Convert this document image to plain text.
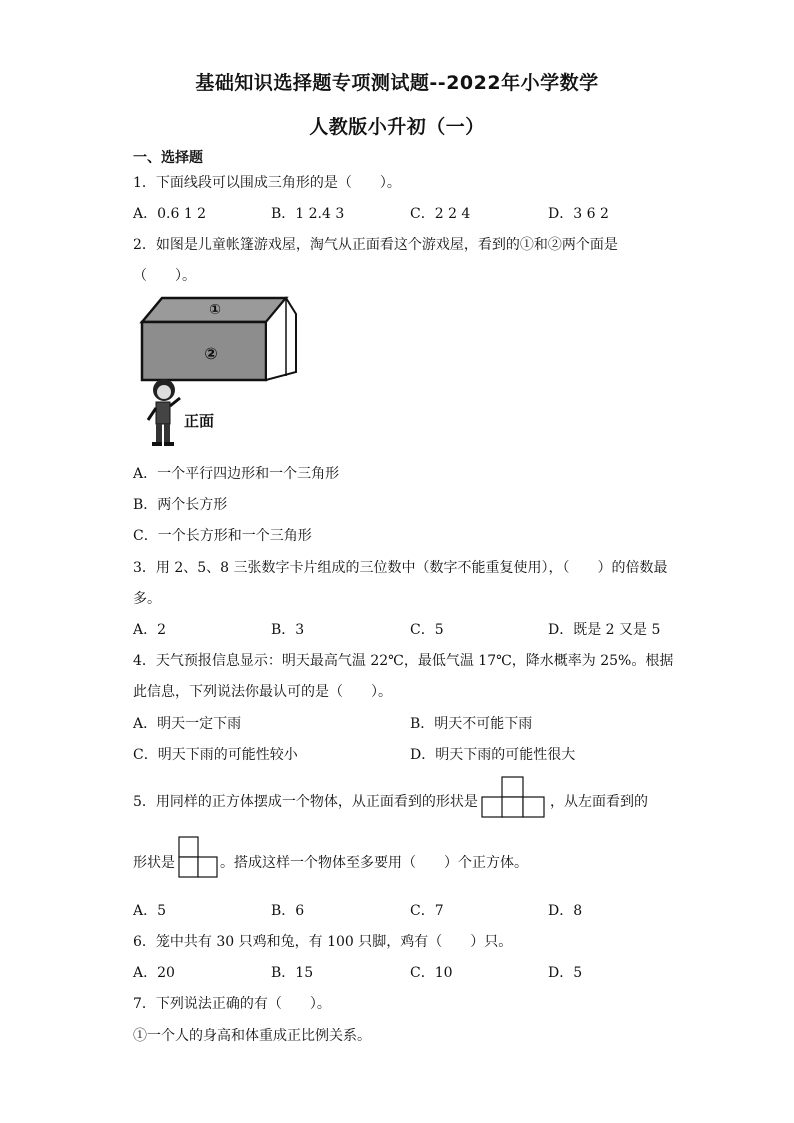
基础知识选择题专项测试题--2022年小学数学
人教版小升初（一）
一、选择题
1．下面线段可以围成三角形的是（　　）。
A．0.6 1 2	B．1 2.4 3	C．2 2 4	D．3 6 2
2．如图是儿童帐篷游戏屋，淘气从正面看这个游戏屋，看到的①和②两个面是
（　　）。
①
②
正面
A．一个平行四边形和一个三角形
B．两个长方形
C．一个长方形和一个三角形
3．用 2、5、8 三张数字卡片组成的三位数中（数字不能重复使用），（　　）的倍数最
多。
A．2	B．3	C．5	D．既是 2 又是 5
4．天气预报信息显示：明天最高气温 22℃，最低气温 17℃，降水概率为 25%。根据
此信息，下列说法你最认可的是（　　）。
A．明天一定下雨	B．明天不可能下雨
C．明天下雨的可能性较小	D．明天下雨的可能性很大
5．用同样的正方体摆成一个物体，从正面看到的形状是	，从左面看到的
形状是	。搭成这样一个物体至多要用（　　）个正方体。
A．5	B．6	C．7	D．8
6．笼中共有 30 只鸡和兔，有 100 只脚，鸡有（　　）只。
A．20	B．15	C．10	D．5
7．下列说法正确的有（　　）。
①一个人的身高和体重成正比例关系。
